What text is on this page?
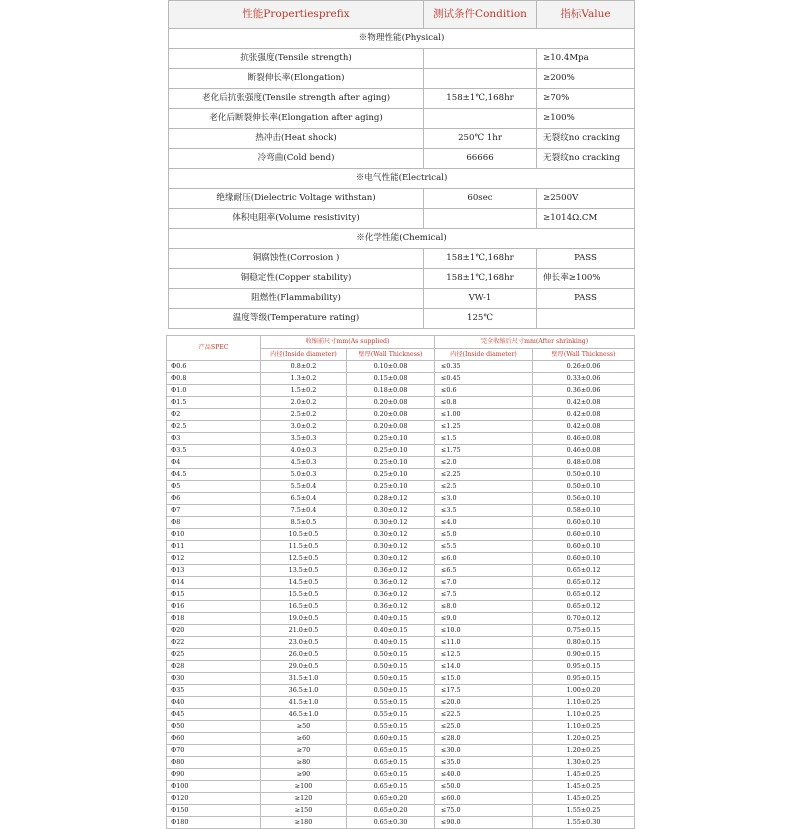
性能Propertiesprefix	测试条件Condition	指标Value
※物理性能(Physical)		
抗张强度(Tensile strength)		≥10.4Mpa
断裂伸长率(Elongation)		≥200%
老化后抗张强度(Tensile strength after aging)	158±1℃,168hr	≥70%
老化后断裂伸长率(Elongation after aging)		≥100%
热冲击(Heat shock)	250℃ 1hr	无裂纹no cracking
冷弯曲(Cold bend)	66666	无裂纹no cracking
※电气性能(Electrical)		
绝缘耐压(Dielectric Voltage withstan)	60sec	≥2500V
体积电阻率(Volume resistivity)		≥1014Ω.CM
※化学性能(Chemical)		
铜腐蚀性(Corrosion )	158±1℃,168hr	PASS
铜稳定性(Copper stability)	158±1℃,168hr	伸长率≥100%
阻燃性(Flammability)	VW-1	PASS
温度等级(Temperature rating)	125℃	
产品SPEC	收缩前尺寸mm(As supplied)		完全收缩后尺寸mm(After shrinking)	
	内径(Inside diameter)	壁厚(Wall Thickness)	内径(Inside diameter)	壁厚(Wall Thickness)
Φ0.6	0.8±0.2	0.10±0.08	≤0.35	0.26±0.06
Φ0.8	1.3±0.2	0.15±0.08	≤0.45	0.33±0.06
Φ1.0	1.5±0.2	0.18±0.08	≤0.6	0.36±0.06
Φ1.5	2.0±0.2	0.20±0.08	≤0.8	0.42±0.08
Φ2	2.5±0.2	0.20±0.08	≤1.00	0.42±0.08
Φ2.5	3.0±0.2	0.20±0.08	≤1.25	0.42±0.08
Φ3	3.5±0.3	0.25±0.10	≤1.5	0.46±0.08
Φ3.5	4.0±0.3	0.25±0.10	≤1.75	0.46±0.08
Φ4	4.5±0.3	0.25±0.10	≤2.0	0.48±0.08
Φ4.5	5.0±0.3	0.25±0.10	≤2.25	0.50±0.10
Φ5	5.5±0.4	0.25±0.10	≤2.5	0.50±0.10
Φ6	6.5±0.4	0.28±0.12	≤3.0	0.56±0.10
Φ7	7.5±0.4	0.30±0.12	≤3.5	0.58±0.10
Φ8	8.5±0.5	0.30±0.12	≤4.0	0.60±0.10
Φ10	10.5±0.5	0.30±0.12	≤5.0	0.60±0.10
Φ11	11.5±0.5	0.30±0.12	≤5.5	0.60±0.10
Φ12	12.5±0.5	0.30±0.12	≤6.0	0.60±0.10
Φ13	13.5±0.5	0.36±0.12	≤6.5	0.65±0.12
Φ14	14.5±0.5	0.36±0.12	≤7.0	0.65±0.12
Φ15	15.5±0.5	0.36±0.12	≤7.5	0.65±0.12
Φ16	16.5±0.5	0.36±0.12	≤8.0	0.65±0.12
Φ18	19.0±0.5	0.40±0.15	≤9.0	0.70±0.12
Φ20	21.0±0.5	0.40±0.15	≤10.0	0.75±0.15
Φ22	23.0±0.5	0.40±0.15	≤11.0	0.80±0.15
Φ25	26.0±0.5	0.50±0.15	≤12.5	0.90±0.15
Φ28	29.0±0.5	0.50±0.15	≤14.0	0.95±0.15
Φ30	31.5±1.0	0.50±0.15	≤15.0	0.95±0.15
Φ35	36.5±1.0	0.50±0.15	≤17.5	1.00±0.20
Φ40	41.5±1.0	0.55±0.15	≤20.0	1.10±0.25
Φ45	46.5±1.0	0.55±0.15	≤22.5	1.10±0.25
Φ50	≥50	0.55±0.15	≤25.0	1.10±0.25
Φ60	≥60	0.60±0.15	≤28.0	1.20±0.25
Φ70	≥70	0.65±0.15	≤30.0	1.20±0.25
Φ80	≥80	0.65±0.15	≤35.0	1.30±0.25
Φ90	≥90	0.65±0.15	≤40.0	1.45±0.25
Φ100	≥100	0.65±0.15	≤50.0	1.45±0.25
Φ120	≥120	0.65±0.20	≤60.0	1.45±0.25
Φ150	≥150	0.65±0.20	≤75.0	1.55±0.25
Φ180	≥180	0.65±0.30	≤90.0	1.55±0.30
